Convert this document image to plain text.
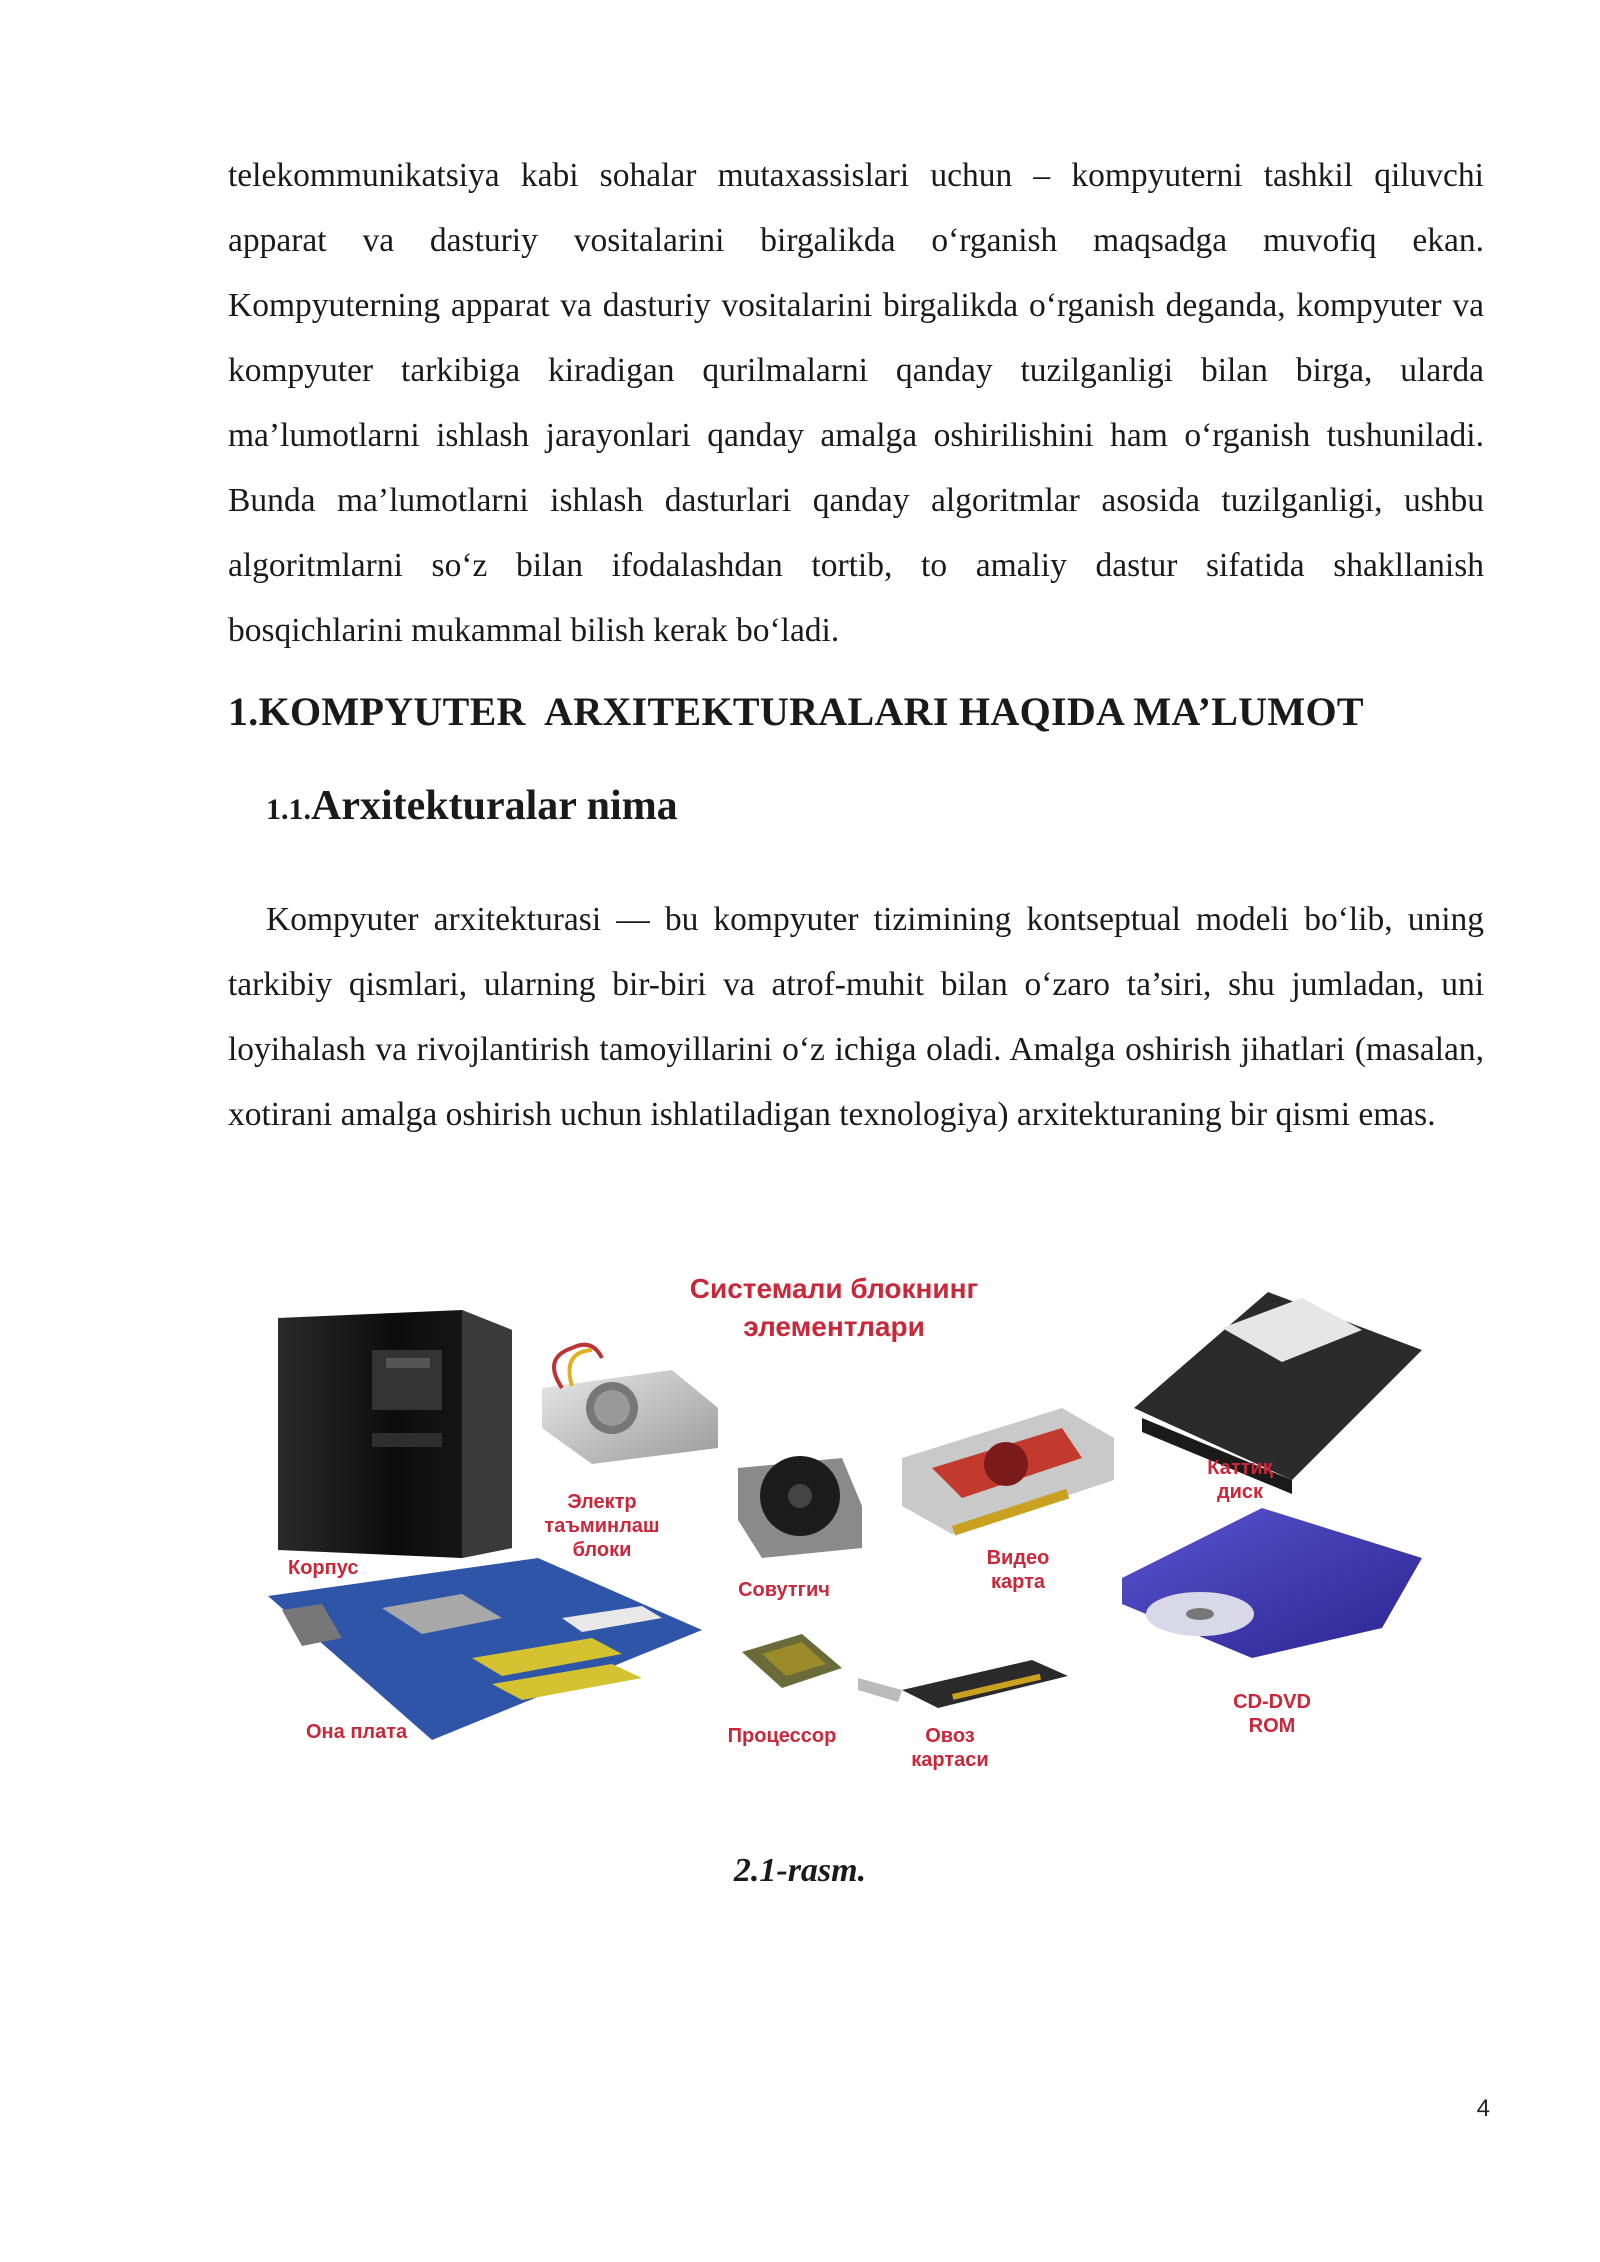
telekommunikatsiya kabi sohalar mutaxassislari uchun – kompyuterni tashkil qiluvchi apparat va dasturiy vositalarini birgalikda o‘rganish maqsadga muvofiq ekan. Kompyuterning apparat va dasturiy vositalarini birgalikda o‘rganish deganda, kompyuter va kompyuter tarkibiga kiradigan qurilmalarni qanday tuzilganligi bilan birga, ularda ma’lumotlarni ishlash jarayonlari qanday amalga oshirilishini ham o‘rganish tushuniladi. Bunda ma’lumotlarni ishlash dasturlari qanday algoritmlar asosida tuzilganligi, ushbu algoritmlarni so‘z bilan ifodalashdan tortib, to amaliy dastur sifatida shakllanish bosqichlarini mukammal bilish kerak bo‘ladi.

1.KOMPYUTER  ARXITEKTURALARI HAQIDA MA’LUMOT
1.1.Arxitekturalar nima

Kompyuter arxitekturasi — bu kompyuter tizimining kontseptual modeli bo‘lib, uning tarkibiy qismlari, ularning bir-biri va atrof-muhit bilan o‘zaro ta’siri, shu jumladan, uni loyihalash va rivojlantirish tamoyillarini o‘z ichiga oladi. Amalga oshirish jihatlari (masalan, xotirani amalga oshirish uchun ishlatiladigan texnologiya) arxitekturaning bir qismi emas.

Системали блокнинг
элементлари
Корпус
Электр
таъминлаш
блоки
Совутгич
Видео
карта
Каттиқ
диск
Она плата	Процессор	Овоз
картаси
CD-DVD
ROM

2.1-rasm.

4
